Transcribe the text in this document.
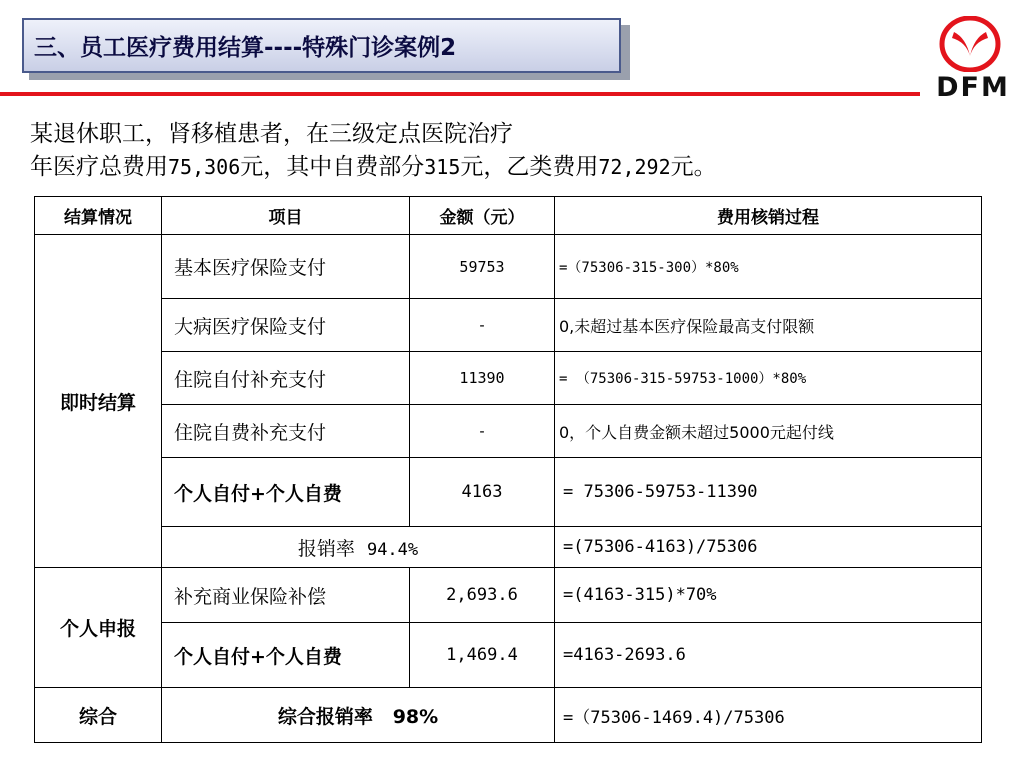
三、员工医疗费用结算----特殊门诊案例2
DFM
某退休职工，肾移植患者，在三级定点医院治疗
年医疗总费用75,306元，其中自费部分315元，乙类费用72,292元。
结算情况	项目	金额（元）	费用核销过程
即时结算	基本医疗保险支付	59753	=（75306-315-300）*80%
	大病医疗保险支付	-	0,未超过基本医疗保险最高支付限额
	住院自付补充支付	11390	= （75306-315-59753-1000）*80%
	住院自费补充支付	-	0，个人自费金额未超过5000元起付线
	个人自付+个人自费	4163	= 75306-59753-11390
	报销率 94.4%		=(75306-4163)/75306
个人申报	补充商业保险补偿	2,693.6	=(4163-315)*70%
	个人自付+个人自费	1,469.4	=4163-2693.6
综合	综合报销率 98%		=（75306-1469.4)/75306
